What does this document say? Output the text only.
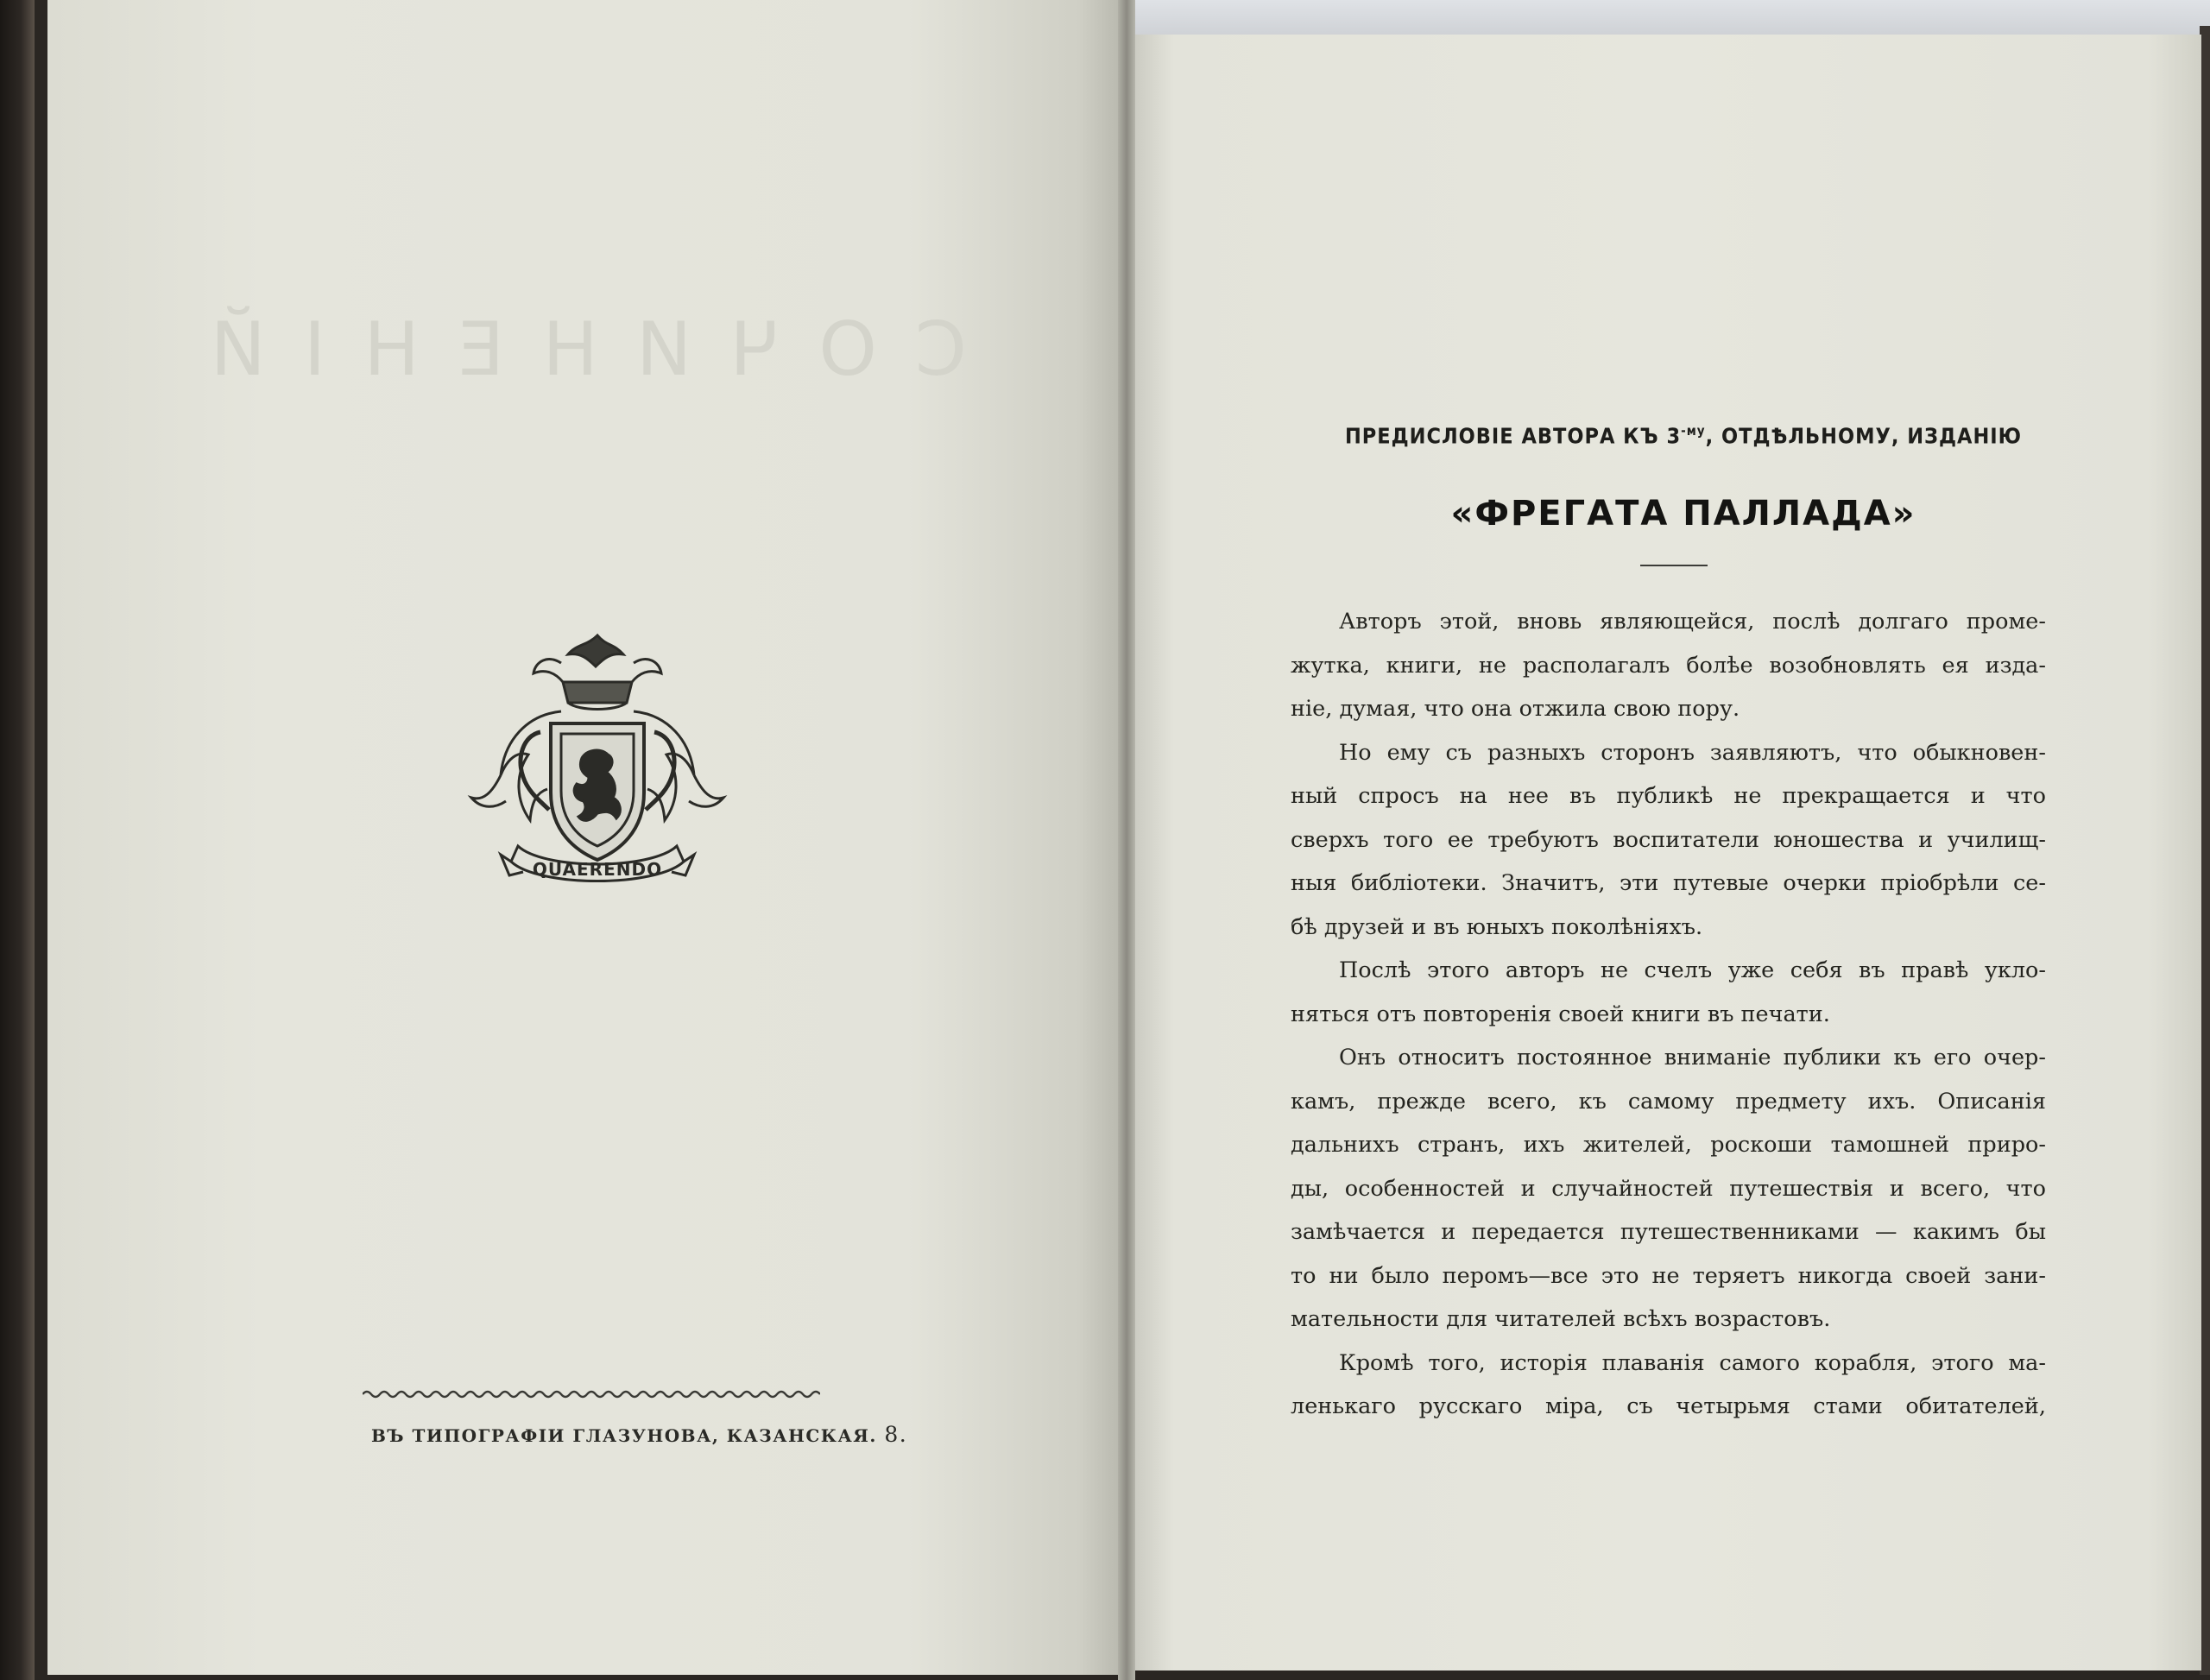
СОЧИНЕНІЙ
QUAERENDO
ВЪ ТИПОГРАФІИ ГЛАЗУНОВА, КАЗАНСКАЯ. 8.
ПРЕДИСЛОВІЕ АВТОРА КЪ $3^{-му}$, ОТДѢЛЬНОМУ, ИЗДАНІЮ
«ФРЕГАТА ПАЛЛАДА»
Авторъ этой, вновь являющейся, послѣ долгаго проме-
жутка, книги, не располагалъ болѣе возобновлять ея изда-
ніе, думая, что она отжила свою пору.
Но ему съ разныхъ сторонъ заявляютъ, что обыкновен-
ный спросъ на нее въ публикѣ не прекращается и что
сверхъ того ее требуютъ воспитатели юношества и училищ-
ныя библіотеки. Значитъ, эти путевые очерки пріобрѣли се-
бѣ друзей и въ юныхъ поколѣніяхъ.
Послѣ этого авторъ не счелъ уже себя въ правѣ укло-
няться отъ повторенія своей книги въ печати.
Онъ относитъ постоянное вниманіе публики къ его очер-
камъ, прежде всего, къ самому предмету ихъ. Описанія
дальнихъ странъ, ихъ жителей, роскоши тамошней приро-
ды, особенностей и случайностей путешествія и всего, что
замѣчается и передается путешественниками — какимъ бы
то ни было перомъ—все это не теряетъ никогда своей зани-
мательности для читателей всѣхъ возрастовъ.
Кромѣ того, исторія плаванія самого корабля, этого ма-
ленькаго русскаго міра, съ четырьмя стами обитателей,
